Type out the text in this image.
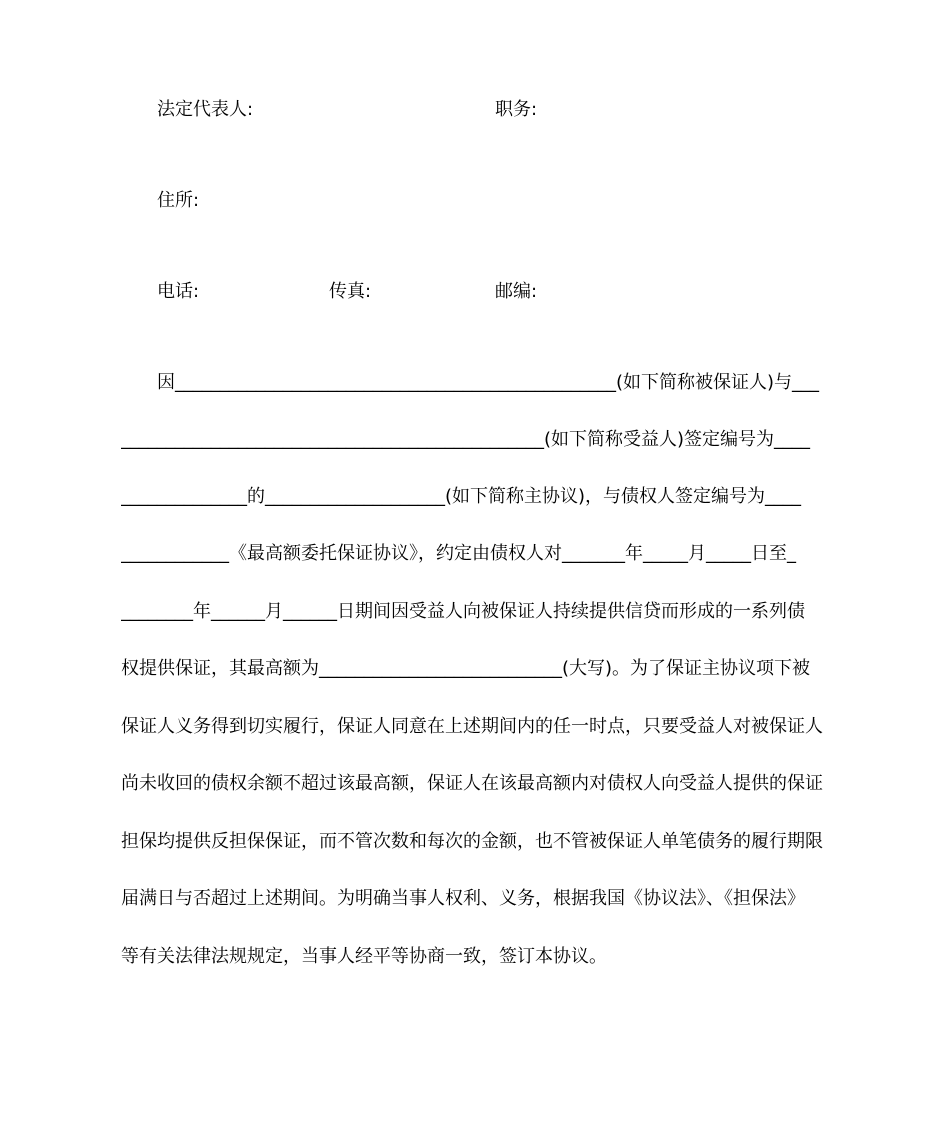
法定代表人:	职务:
住所:
电话:	传真:	邮编:
因_________________________________________________(如下简称被保证人)与___
_______________________________________________(如下简称受益人)签定编号为____
______________的____________________(如下简称主协议)，与债权人签定编号为____
____________《最高额委托保证协议》，约定由债权人对_______年_____月_____日至_
________年______月______日期间因受益人向被保证人持续提供信贷而形成的一系列债
权提供保证，其最高额为___________________________(大写)。为了保证主协议项下被
保证人义务得到切实履行，保证人同意在上述期间内的任一时点，只要受益人对被保证人
尚未收回的债权余额不超过该最高额，保证人在该最高额内对债权人向受益人提供的保证
担保均提供反担保保证，而不管次数和每次的金额，也不管被保证人单笔债务的履行期限
届满日与否超过上述期间。为明确当事人权利、义务，根据我国《协议法》、《担保法》
等有关法律法规规定，当事人经平等协商一致，签订本协议。
